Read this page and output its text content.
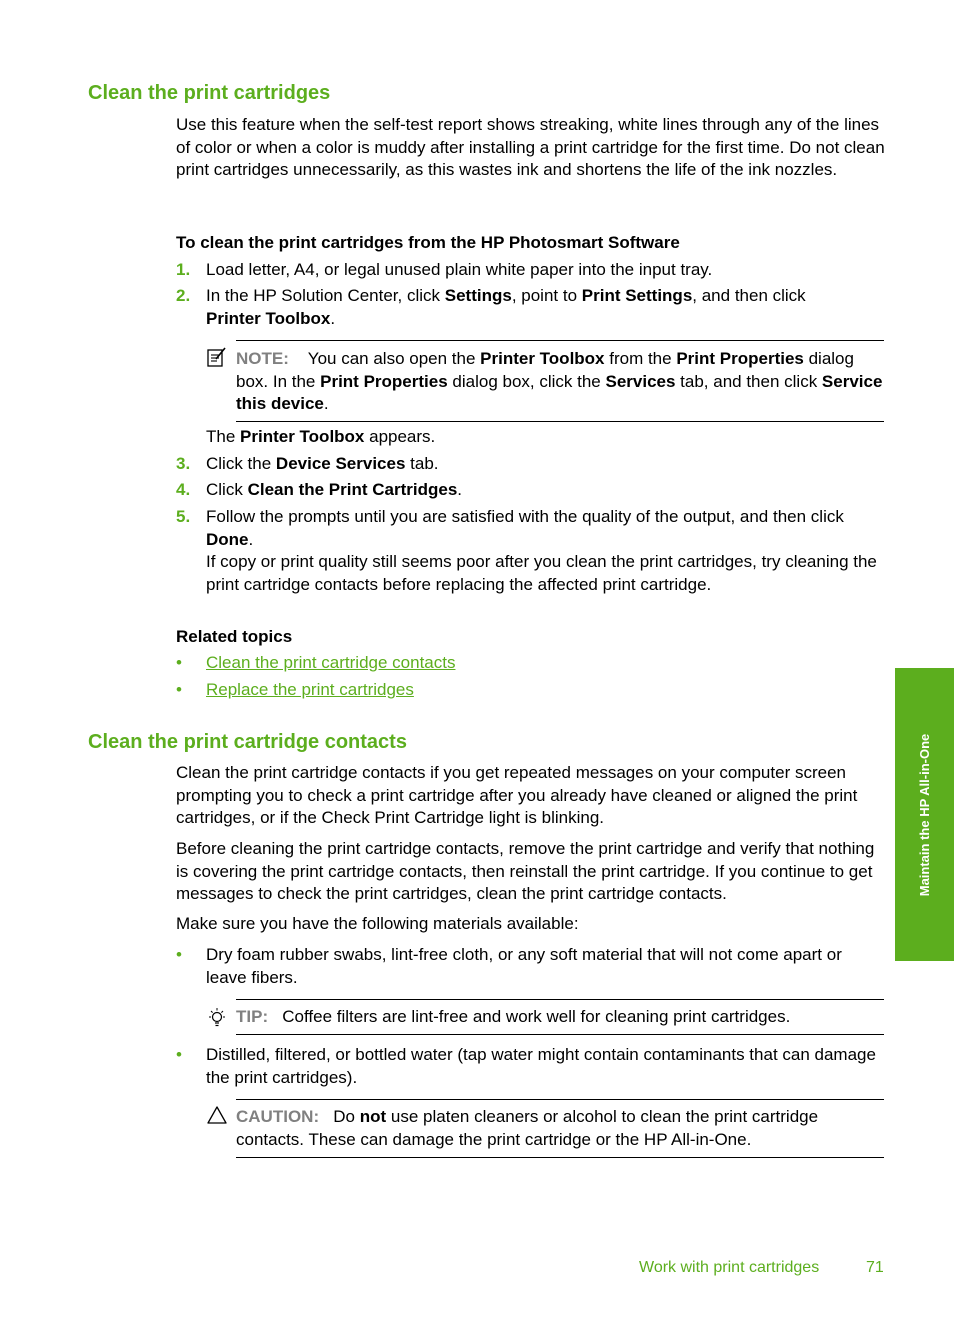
Clean the print cartridges
Use this feature when the self-test report shows streaking, white lines through any of the lines of color or when a color is muddy after installing a print cartridge for the first time. Do not clean print cartridges unnecessarily, as this wastes ink and shortens the life of the ink nozzles.
To clean the print cartridges from the HP Photosmart Software
1. Load letter, A4, or legal unused plain white paper into the input tray.
2. In the HP Solution Center, click Settings, point to Print Settings, and then click
Printer Toolbox.
NOTE: You can also open the Printer Toolbox from the Print Properties dialog box. In the Print Properties dialog box, click the Services tab, and then click Service this device.
The Printer Toolbox appears.
3. Click the Device Services tab.
4. Click Clean the Print Cartridges.
5. Follow the prompts until you are satisfied with the quality of the output, and then click Done.
If copy or print quality still seems poor after you clean the print cartridges, try cleaning the print cartridge contacts before replacing the affected print cartridge.
Related topics
• Clean the print cartridge contacts
• Replace the print cartridges
Clean the print cartridge contacts
Clean the print cartridge contacts if you get repeated messages on your computer screen prompting you to check a print cartridge after you already have cleaned or aligned the print cartridges, or if the Check Print Cartridge light is blinking.
Before cleaning the print cartridge contacts, remove the print cartridge and verify that nothing is covering the print cartridge contacts, then reinstall the print cartridge. If you continue to get messages to check the print cartridges, clean the print cartridge contacts.
Make sure you have the following materials available:
• Dry foam rubber swabs, lint-free cloth, or any soft material that will not come apart or leave fibers.
TIP: Coffee filters are lint-free and work well for cleaning print cartridges.
• Distilled, filtered, or bottled water (tap water might contain contaminants that can damage the print cartridges).
CAUTION: Do not use platen cleaners or alcohol to clean the print cartridge contacts. These can damage the print cartridge or the HP All-in-One.
Maintain the HP All-in-One
Work with print cartridges	71
